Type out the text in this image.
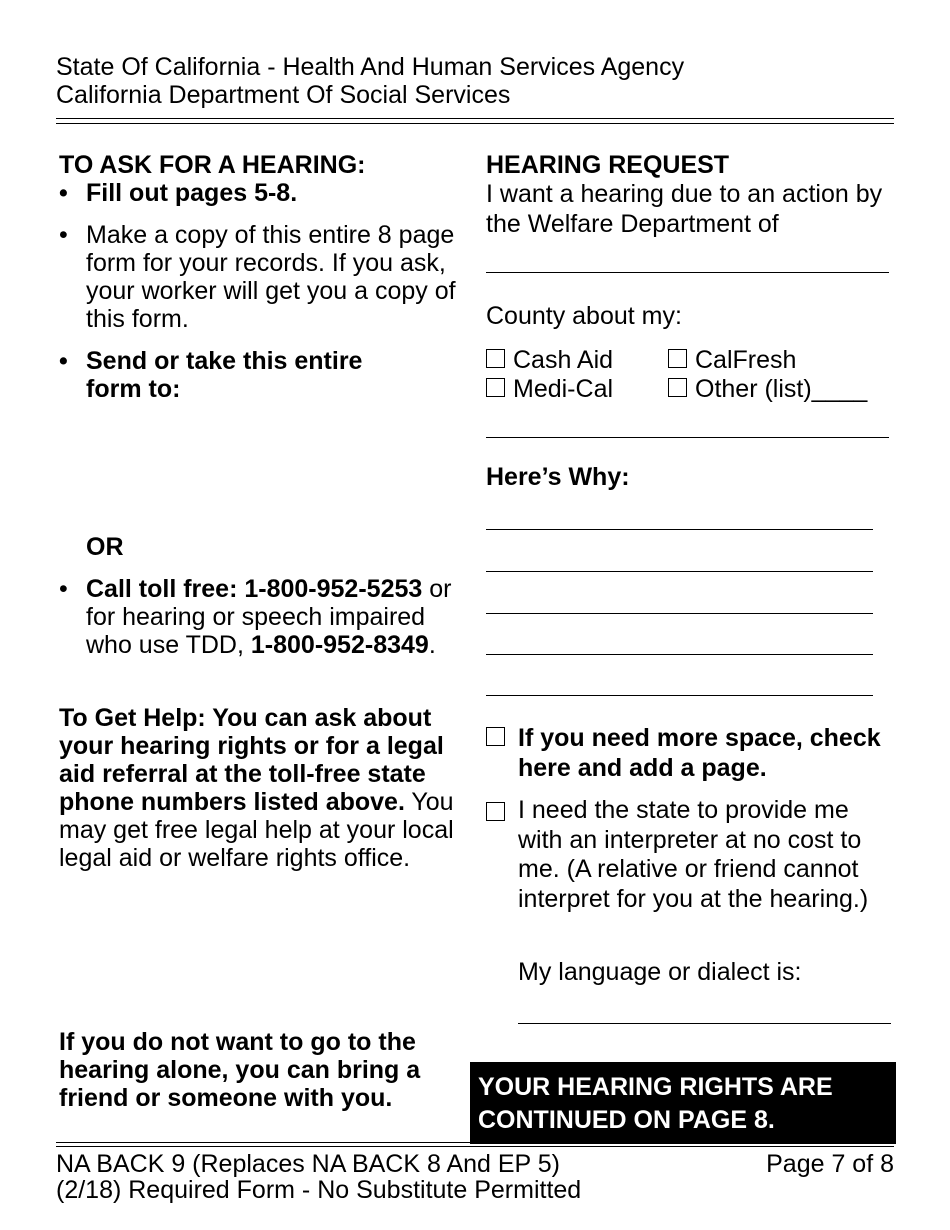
State Of California - Health And Human Services Agency
California Department Of Social Services
TO ASK FOR A HEARING:
• Fill out pages 5-8.
• Make a copy of this entire 8 page form for your records. If you ask, your worker will get you a copy of this form.
• Send or take this entire form to:
OR
• Call toll free: 1-800-952-5253 or for hearing or speech impaired who use TDD, 1-800-952-8349.
To Get Help: You can ask about your hearing rights or for a legal aid referral at the toll-free state phone numbers listed above. You may get free legal help at your local legal aid or welfare rights office.
If you do not want to go to the hearing alone, you can bring a friend or someone with you.
HEARING REQUEST
I want a hearing due to an action by the Welfare Department of
County about my:
Cash Aid	CalFresh
Medi-Cal	Other (list)____
Here’s Why:
If you need more space, check here and add a page.
I need the state to provide me with an interpreter at no cost to me. (A relative or friend cannot interpret for you at the hearing.)
My language or dialect is:
YOUR HEARING RIGHTS ARE CONTINUED ON PAGE 8.
NA BACK 9 (Replaces NA BACK 8 And EP 5)	Page 7 of 8
(2/18) Required Form - No Substitute Permitted
